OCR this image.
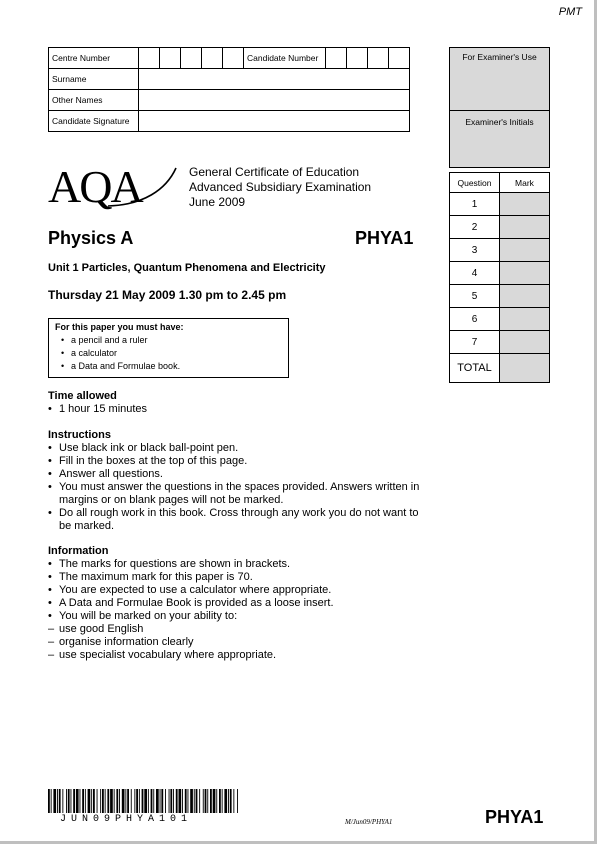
PMT
Centre Number						Candidate Number				
Surname										
Other Names										
Candidate Signature										
For Examiner's Use	
Examiner's Initials	

Question	Mark
1	
2	
3	
4	
5	
6	
7	
TOTAL	
AQA	General Certificate of Education
Advanced Subsidiary Examination
June 2009
Physics A	PHYA1
Unit 1 Particles, Quantum Phenomena and Electricity
Thursday 21 May 2009 1.30 pm to 2.45 pm
For this paper you must have:
• a pencil and a ruler
• a calculator
• a Data and Formulae book.
Time allowed
• 1 hour 15 minutes
Instructions
• Use black ink or black ball-point pen.
• Fill in the boxes at the top of this page.
• Answer all questions.
• You must answer the questions in the spaces provided. Answers written in margins or on blank pages will not be marked.
• Do all rough work in this book. Cross through any work you do not want to be marked.
Information
• The marks for questions are shown in brackets.
• The maximum mark for this paper is 70.
• You are expected to use a calculator where appropriate.
• A Data and Formulae Book is provided as a loose insert.
• You will be marked on your ability to:
– use good English
– organise information clearly
– use specialist vocabulary where appropriate.
JUN09PHYA101	M/Jun09/PHYA1	PHYA1
